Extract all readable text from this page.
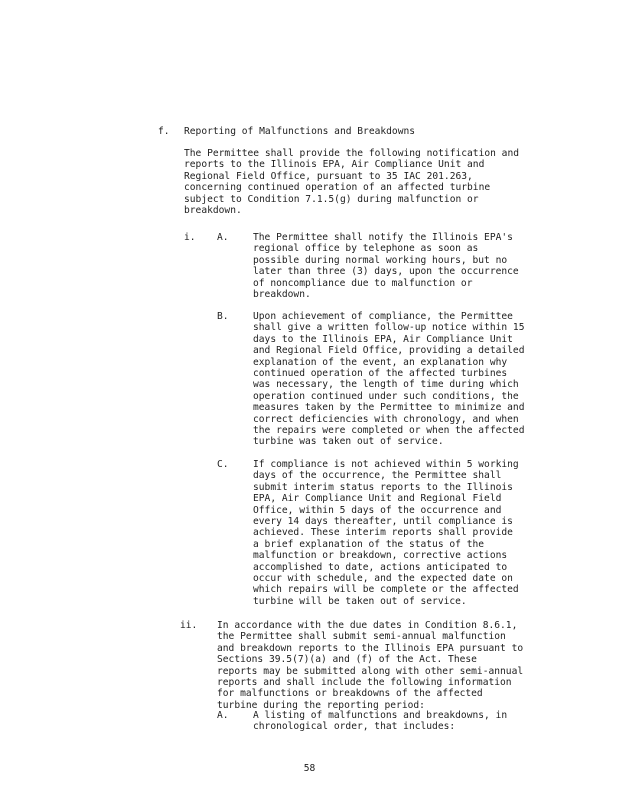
f. Reporting of Malfunctions and Breakdowns

The Permittee shall provide the following notification and
reports to the Illinois EPA, Air Compliance Unit and
Regional Field Office, pursuant to 35 IAC 201.263,
concerning continued operation of an affected turbine
subject to Condition 7.1.5(g) during malfunction or
breakdown.

i. A.	The Permittee shall notify the Illinois EPA's
regional office by telephone as soon as
possible during normal working hours, but no
later than three (3) days, upon the occurrence
of noncompliance due to malfunction or
breakdown.

B.	Upon achievement of compliance, the Permittee
shall give a written follow-up notice within 15
days to the Illinois EPA, Air Compliance Unit
and Regional Field Office, providing a detailed
explanation of the event, an explanation why
continued operation of the affected turbines
was necessary, the length of time during which
operation continued under such conditions, the
measures taken by the Permittee to minimize and
correct deficiencies with chronology, and when
the repairs were completed or when the affected
turbine was taken out of service.

C.	If compliance is not achieved within 5 working
days of the occurrence, the Permittee shall
submit interim status reports to the Illinois
EPA, Air Compliance Unit and Regional Field
Office, within 5 days of the occurrence and
every 14 days thereafter, until compliance is
achieved. These interim reports shall provide
a brief explanation of the status of the
malfunction or breakdown, corrective actions
accomplished to date, actions anticipated to
occur with schedule, and the expected date on
which repairs will be complete or the affected
turbine will be taken out of service.

ii. In accordance with the due dates in Condition 8.6.1,
the Permittee shall submit semi-annual malfunction
and breakdown reports to the Illinois EPA pursuant to
Sections 39.5(7)(a) and (f) of the Act. These
reports may be submitted along with other semi-annual
reports and shall include the following information
for malfunctions or breakdowns of the affected
turbine during the reporting period:

A.	A listing of malfunctions and breakdowns, in
chronological order, that includes:

58
